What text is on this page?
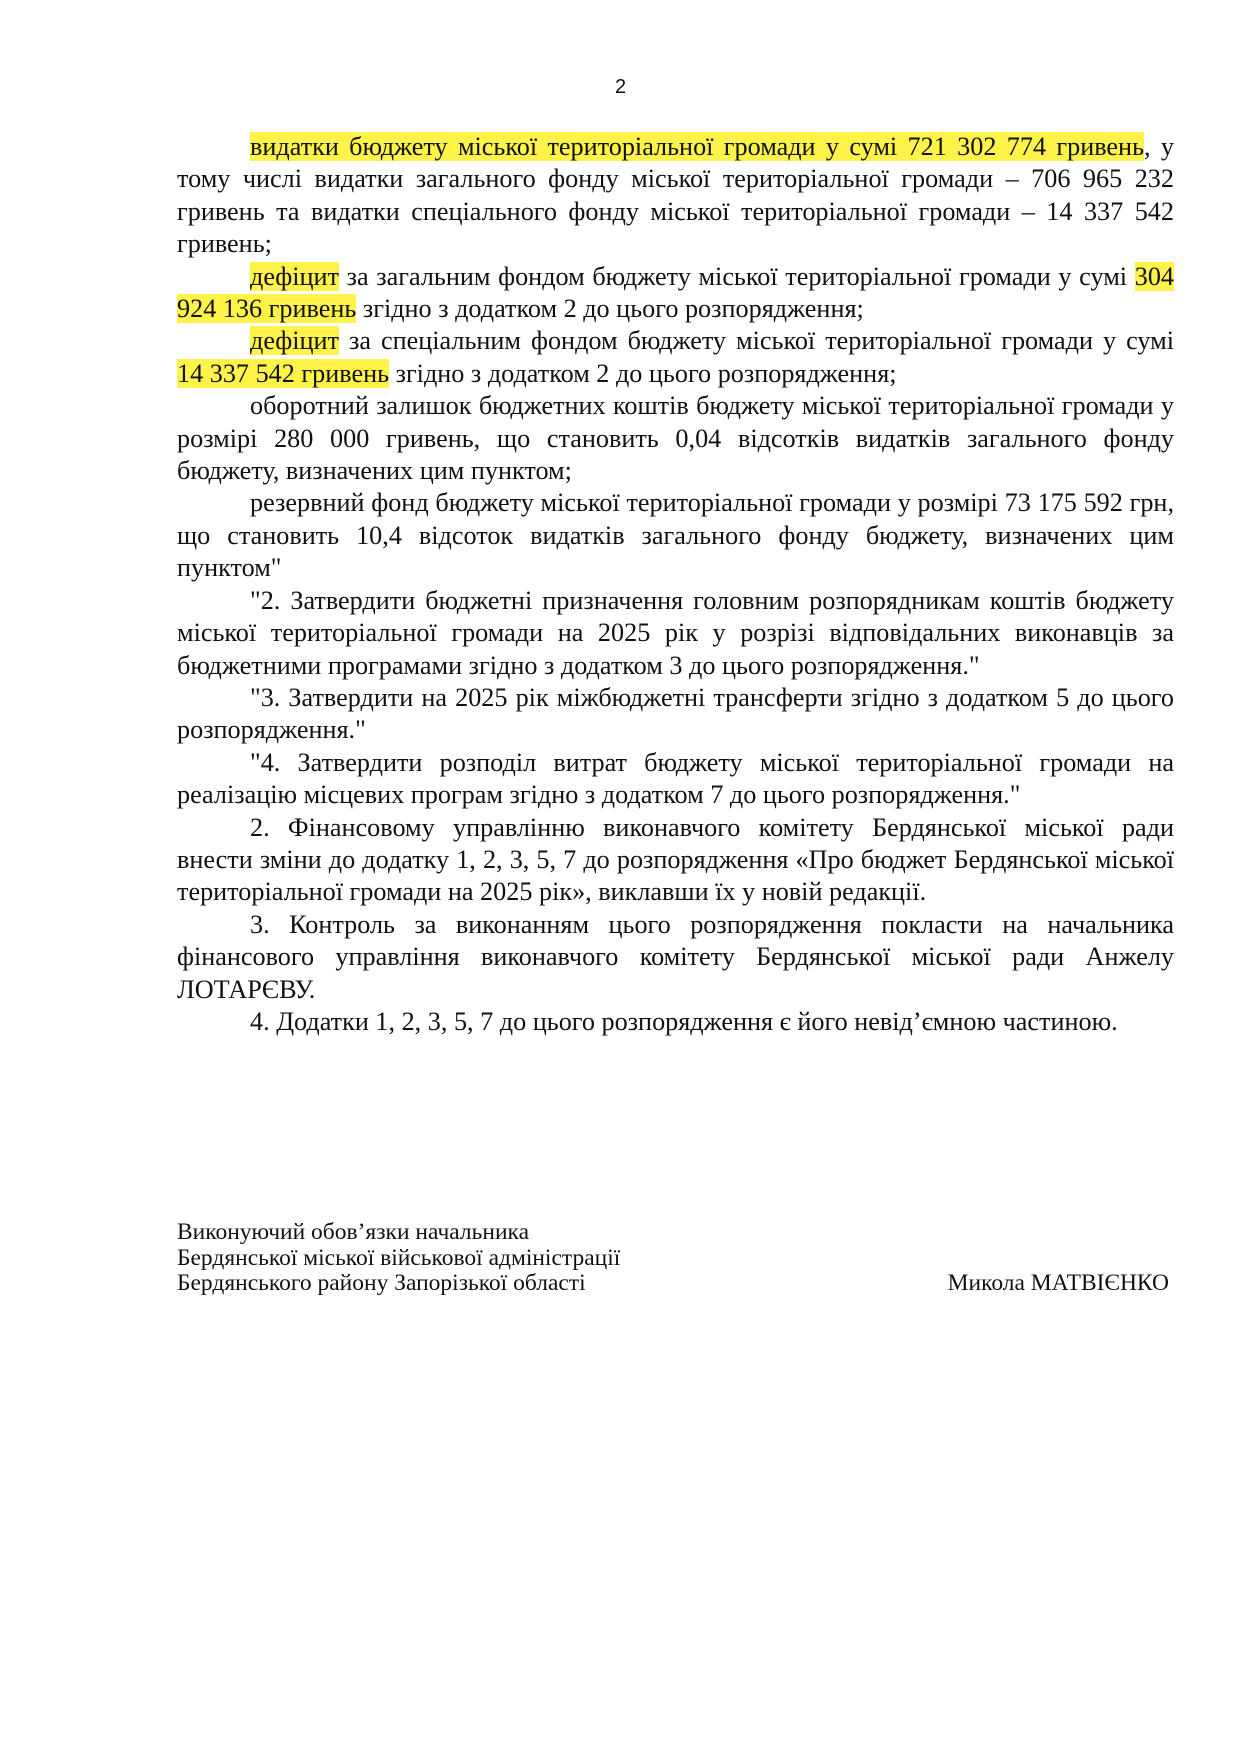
2

видатки бюджету міської територіальної громади у сумі 721 302 774 гривень, у тому числі видатки загального фонду міської територіальної громади – 706 965 232 гривень та видатки спеціального фонду міської територіальної громади – 14 337 542 гривень;

дефіцит за загальним фондом бюджету міської територіальної громади у сумі 304 924 136 гривень згідно з додатком 2 до цього розпорядження;

дефіцит за спеціальним фондом бюджету міської територіальної громади у сумі 14 337 542 гривень згідно з додатком 2 до цього розпорядження;

оборотний залишок бюджетних коштів бюджету міської територіальної громади у розмірі 280 000 гривень, що становить 0,04 відсотків видатків загального фонду бюджету, визначених цим пунктом;

резервний фонд бюджету міської територіальної громади у розмірі 73 175 592 грн, що становить 10,4 відсоток видатків загального фонду бюджету, визначених цим пунктом"

"2. Затвердити бюджетні призначення головним розпорядникам коштів бюджету міської територіальної громади на 2025 рік у розрізі відповідальних виконавців за бюджетними програмами згідно з додатком 3 до цього розпорядження."

"3. Затвердити на 2025 рік міжбюджетні трансферти згідно з додатком 5 до цього розпорядження."

"4. Затвердити розподіл витрат бюджету міської територіальної громади на реалізацію місцевих програм згідно з додатком 7 до цього розпорядження."

2. Фінансовому управлінню виконавчого комітету Бердянської міської ради внести зміни до додатку 1, 2, 3, 5, 7 до розпорядження «Про бюджет Бердянської міської територіальної громади на 2025 рік», виклавши їх у новій редакції.

3. Контроль за виконанням цього розпорядження покласти на начальника фінансового управління виконавчого комітету Бердянської міської ради Анжелу ЛОТАРЄВУ.

4. Додатки 1, 2, 3, 5, 7 до цього розпорядження є його невід’ємною частиною.

Виконуючий обов’язки начальника
Бердянської міської військової адміністрації
Бердянського району Запорізької області	Микола МАТВІЄНКО
